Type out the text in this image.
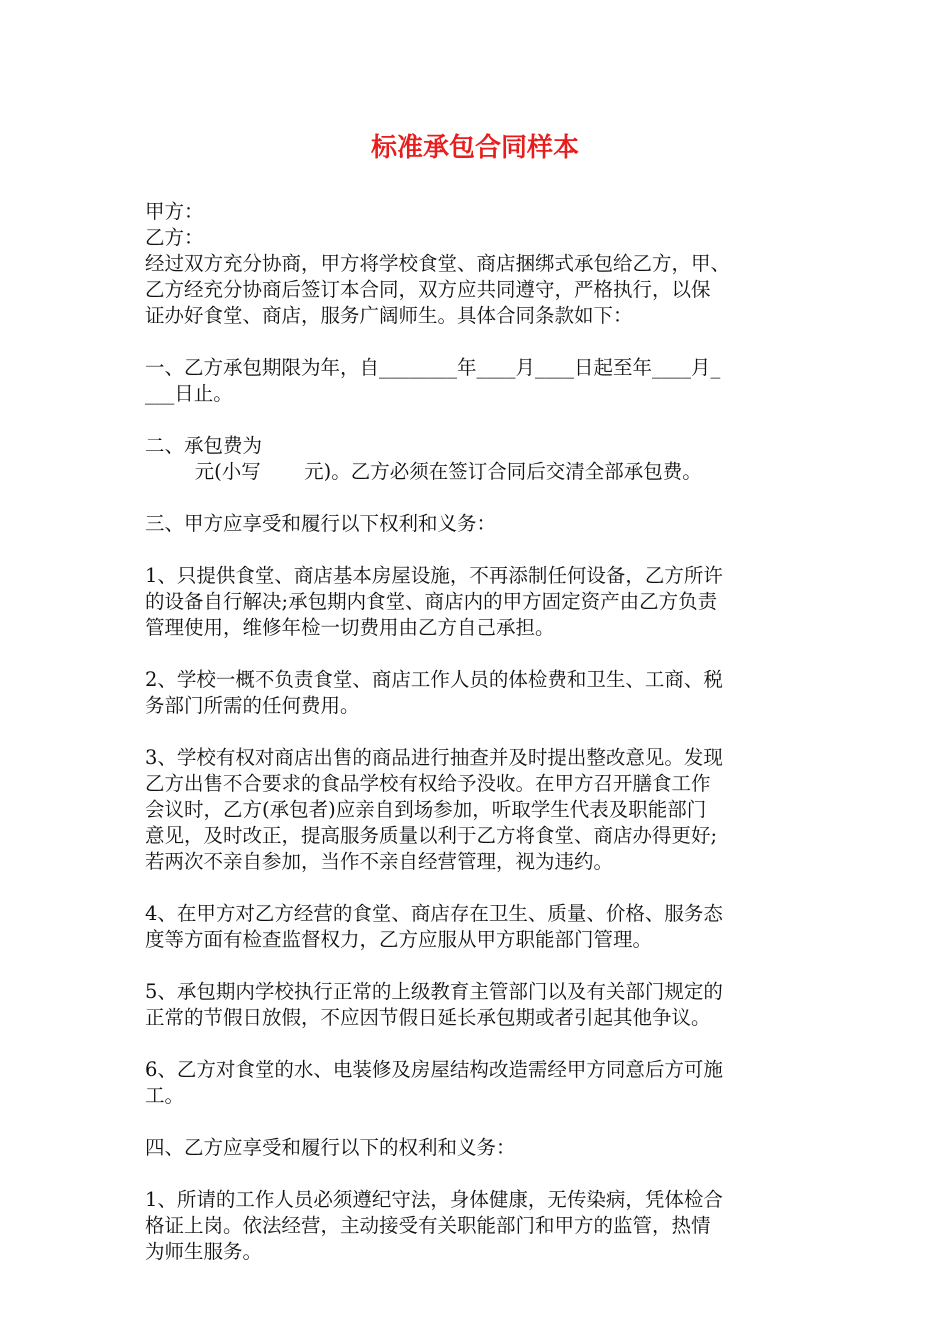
标准承包合同样本
甲方：
乙方：
经过双方充分协商，甲方将学校食堂、商店捆绑式承包给乙方，甲、
乙方经充分协商后签订本合同，双方应共同遵守，严格执行，以保
证办好食堂、商店，服务广阔师生。具体合同条款如下：
一、乙方承包期限为年，自________年____月____日起至年____月_
___日止。
二、承包费为
元(小写       元)。乙方必须在签订合同后交清全部承包费。
三、甲方应享受和履行以下权利和义务：
1、只提供食堂、商店基本房屋设施，不再添制任何设备，乙方所许
的设备自行解决;承包期内食堂、商店内的甲方固定资产由乙方负责
管理使用，维修年检一切费用由乙方自己承担。
2、学校一概不负责食堂、商店工作人员的体检费和卫生、工商、税
务部门所需的任何费用。
3、学校有权对商店出售的商品进行抽查并及时提出整改意见。发现
乙方出售不合要求的食品学校有权给予没收。在甲方召开膳食工作
会议时，乙方(承包者)应亲自到场参加，听取学生代表及职能部门
意见，及时改正，提高服务质量以利于乙方将食堂、商店办得更好;
若两次不亲自参加，当作不亲自经营管理，视为违约。
4、在甲方对乙方经营的食堂、商店存在卫生、质量、价格、服务态
度等方面有检查监督权力，乙方应服从甲方职能部门管理。
5、承包期内学校执行正常的上级教育主管部门以及有关部门规定的
正常的节假日放假，不应因节假日延长承包期或者引起其他争议。
6、乙方对食堂的水、电装修及房屋结构改造需经甲方同意后方可施
工。
四、乙方应享受和履行以下的权利和义务：
1、所请的工作人员必须遵纪守法，身体健康，无传染病，凭体检合
格证上岗。依法经营，主动接受有关职能部门和甲方的监管，热情
为师生服务。
